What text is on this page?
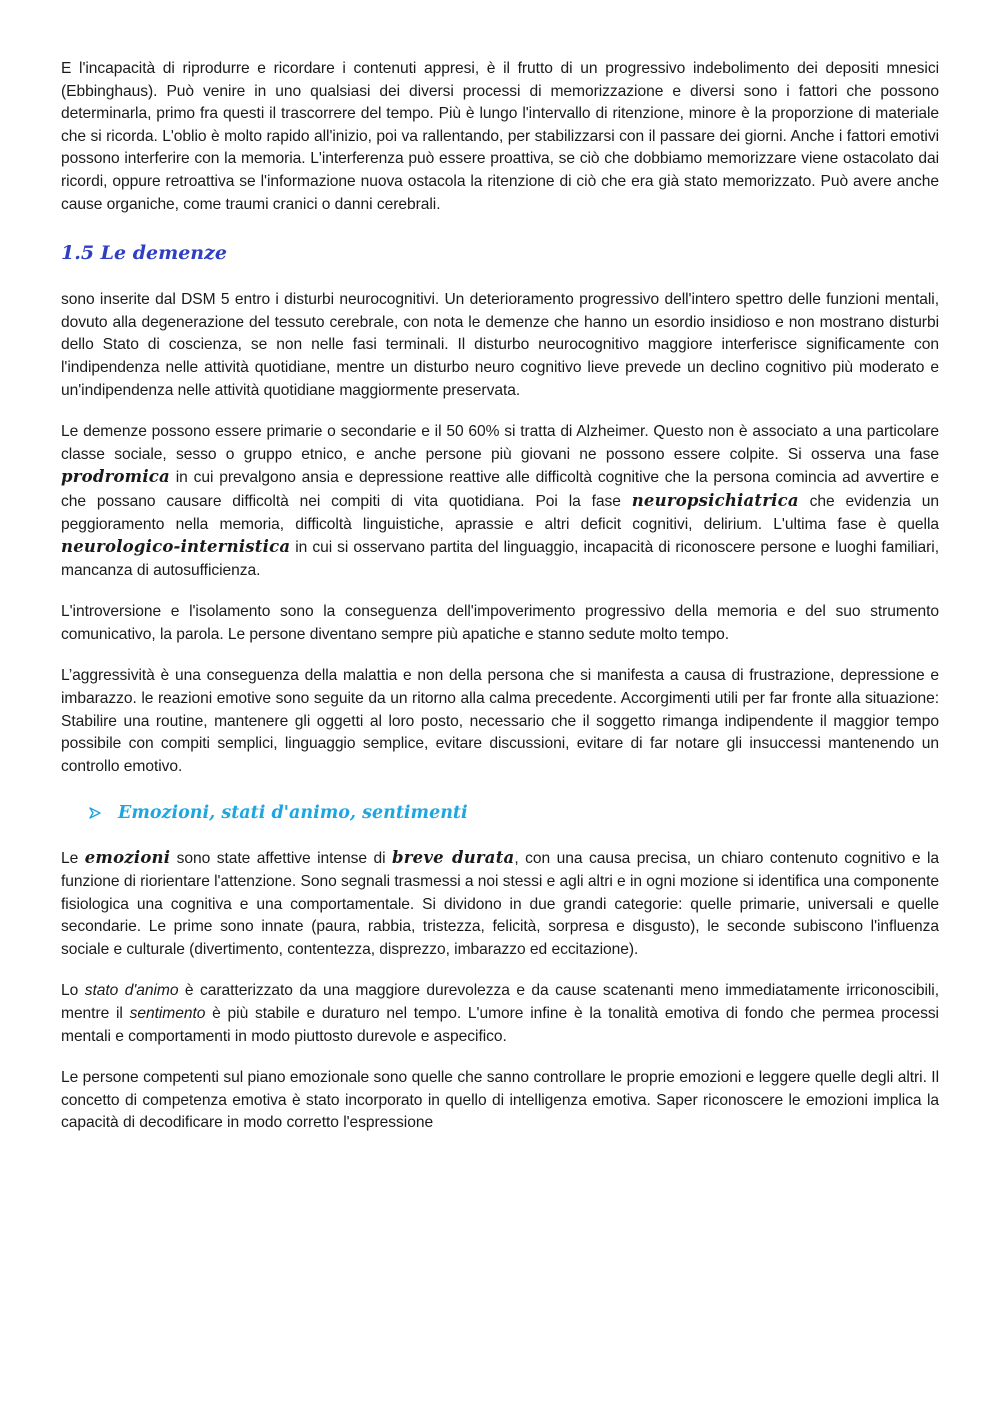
E l'incapacità di riprodurre e ricordare i contenuti appresi, è il frutto di un progressivo indebolimento dei depositi mnesici (Ebbinghaus). Può venire in uno qualsiasi dei diversi processi di memorizzazione e diversi sono i fattori che possono determinarla, primo fra questi il trascorrere del tempo. Più è lungo l'intervallo di ritenzione, minore è la proporzione di materiale che si ricorda. L'oblio è molto rapido all'inizio, poi va rallentando, per stabilizzarsi con il passare dei giorni. Anche i fattori emotivi possono interferire con la memoria. L'interferenza può essere proattiva, se ciò che dobbiamo memorizzare viene ostacolato dai ricordi, oppure retroattiva se l'informazione nuova ostacola la ritenzione di ciò che era già stato memorizzato. Può avere anche cause organiche, come traumi cranici o danni cerebrali.

1.5 Le demenze

sono inserite dal DSM 5 entro i disturbi neurocognitivi. Un deterioramento progressivo dell'intero spettro delle funzioni mentali, dovuto alla degenerazione del tessuto cerebrale, con nota le demenze che hanno un esordio insidioso e non mostrano disturbi dello Stato di coscienza, se non nelle fasi terminali. Il disturbo neurocognitivo maggiore interferisce significamente con l'indipendenza nelle attività quotidiane, mentre un disturbo neuro cognitivo lieve prevede un declino cognitivo più moderato e un'indipendenza nelle attività quotidiane maggiormente preservata.

Le demenze possono essere primarie o secondarie e il 50 60% si tratta di Alzheimer. Questo non è associato a una particolare classe sociale, sesso o gruppo etnico, e anche persone più giovani ne possono essere colpite. Si osserva una fase prodromica in cui prevalgono ansia e depressione reattive alle difficoltà cognitive che la persona comincia ad avvertire e che possano causare difficoltà nei compiti di vita quotidiana. Poi la fase neuropsichiatrica che evidenzia un peggioramento nella memoria, difficoltà linguistiche, aprassie e altri deficit cognitivi, delirium. L'ultima fase è quella neurologico-internistica in cui si osservano partita del linguaggio, incapacità di riconoscere persone e luoghi familiari, mancanza di autosufficienza.

L'introversione e l'isolamento sono la conseguenza dell'impoverimento progressivo della memoria e del suo strumento comunicativo, la parola. Le persone diventano sempre più apatiche e stanno sedute molto tempo.

L’aggressività è una conseguenza della malattia e non della persona che si manifesta a causa di frustrazione, depressione e imbarazzo. le reazioni emotive sono seguite da un ritorno alla calma precedente. Accorgimenti utili per far fronte alla situazione: Stabilire una routine, mantenere gli oggetti al loro posto, necessario che il soggetto rimanga indipendente il maggior tempo possibile con compiti semplici, linguaggio semplice, evitare discussioni, evitare di far notare gli insuccessi mantenendo un controllo emotivo.

Emozioni, stati d'animo, sentimenti

Le emozioni sono state affettive intense di breve durata, con una causa precisa, un chiaro contenuto cognitivo e la funzione di riorientare l'attenzione. Sono segnali trasmessi a noi stessi e agli altri e in ogni mozione si identifica una componente fisiologica una cognitiva e una comportamentale. Si dividono in due grandi categorie: quelle primarie, universali e quelle secondarie. Le prime sono innate (paura, rabbia, tristezza, felicità, sorpresa e disgusto), le seconde subiscono l'influenza sociale e culturale (divertimento, contentezza, disprezzo, imbarazzo ed eccitazione).

Lo stato d'animo è caratterizzato da una maggiore durevolezza e da cause scatenanti meno immediatamente irriconoscibili, mentre il sentimento è più stabile e duraturo nel tempo. L'umore infine è la tonalità emotiva di fondo che permea processi mentali e comportamenti in modo piuttosto durevole e aspecifico.

Le persone competenti sul piano emozionale sono quelle che sanno controllare le proprie emozioni e leggere quelle degli altri. Il concetto di competenza emotiva è stato incorporato in quello di intelligenza emotiva. Saper riconoscere le emozioni implica la capacità di decodificare in modo corretto l'espressione
